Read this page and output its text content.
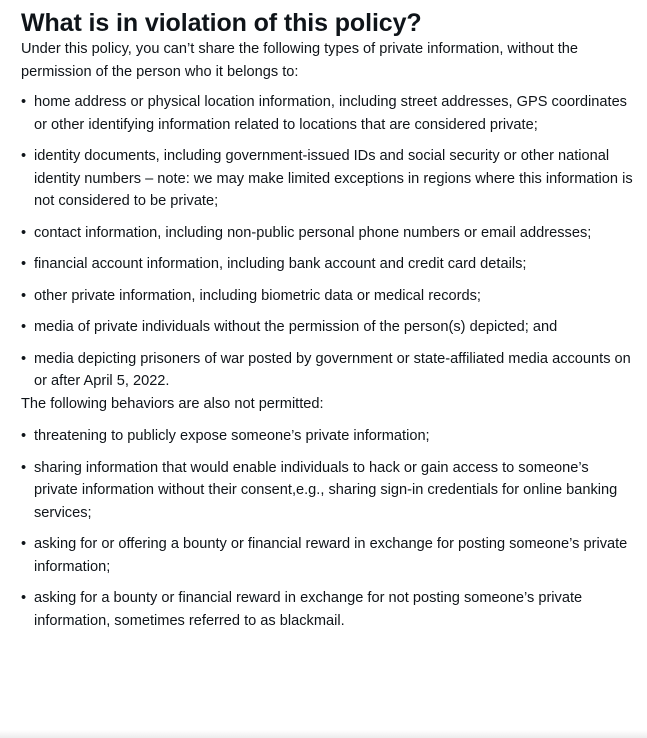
What is in violation of this policy?

Under this policy, you can’t share the following types of private information, without the permission of the person who it belongs to:

• home address or physical location information, including street addresses, GPS coordinates or other identifying information related to locations that are considered private;
• identity documents, including government-issued IDs and social security or other national identity numbers – note: we may make limited exceptions in regions where this information is not considered to be private;
• contact information, including non-public personal phone numbers or email addresses;
• financial account information, including bank account and credit card details;
• other private information, including biometric data or medical records;
• media of private individuals without the permission of the person(s) depicted; and
• media depicting prisoners of war posted by government or state-affiliated media accounts on or after April 5, 2022.

The following behaviors are also not permitted:

• threatening to publicly expose someone’s private information;
• sharing information that would enable individuals to hack or gain access to someone’s private information without their consent,e.g., sharing sign-in credentials for online banking services;
• asking for or offering a bounty or financial reward in exchange for posting someone’s private information;
• asking for a bounty or financial reward in exchange for not posting someone’s private information, sometimes referred to as blackmail.
